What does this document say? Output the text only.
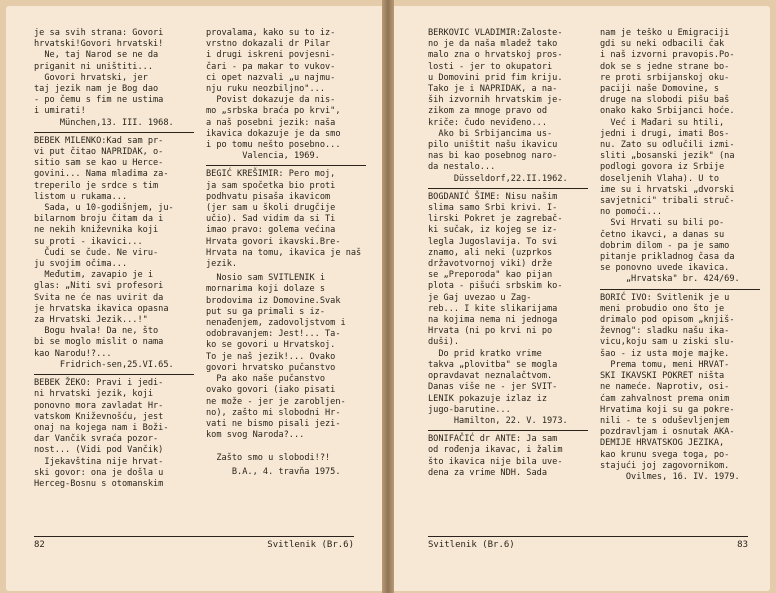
je sa svih strana: Govori
hrvatski!Govori hrvatski!
Ne, taj Narod se ne da
priganit ni uništiti...
Govori hrvatski, jer
taj jezik nam je Bog dao
- po čemu s fim ne ustima
i umirati!
München,13. III. 1968.

BEBEK MILENKO:Kad sam pr-
vi put čitao NAPRIDAK, o-
sitio sam se kao u Herce-
govini... Nama mladima za-
treperilo je srdce s tim
listom u rukama...
Sada, u 10-godišnjem, ju-
bilarnom broju čitam da i
ne nekih kniževnika koji
su proti - ikavici...
Čudi se čude. Ne viru-
ju svojim očima...
Međutim, zavapio je i
glas: „Niti svi profesori
Svita ne će nas uvirit da
je hrvatska ikavica opasna
za Hrvatski Jezik...!"
Bogu hvala! Da ne, što
bi se moglo mislit o nama
kao Narodu!?...
Fridrich-sen,25.VI.65.

BEBEK ŽEKO: Pravi i jedi-
ni hrvatski jezik, koji
ponovno mora zavladat Hr-
vatskom Kniževnošću, jest
onaj na kojega nam i Boži-
dar Vančik svraća pozor-
nost... (Vidi pod Vančik)
Ijekavština nije hrvat-
ski govor: ona je došla u
Herceg-Bosnu s otomanskim

provalama, kako su to iz-
vrstno dokazali dr Pilar
i drugi iskreni povjesni-
čari - pa makar to vukov-
ci opet nazvali „u najmu-
nju ruku neozbiljno"...
Povist dokazuje da nis-
mo „srbska braća po krvi",
a naš posebni jezik: naša
ikavica dokazuje je da smo
i po tomu nešto posebno...
Valencia, 1969.

BEGIĆ KREŠIMIR: Pero moj,
ja sam spočetka bio proti
podhvatu pisaša ikavicom
(jer sam u školi drugčije
učio). Sad vidim da si Ti
imao pravo: golema većina
Hrvata govori ikavski.Bre-
Hrvata na tomu, ikavica je naš
jezik.

Nosio sam SVITLENIK i
mornarima koji dolaze s
brodovima iz Domovine.Svak
put su ga primali s iz-
nenađenjem, zadovoljstvom i
odobravanjem: Jest!... Ta-
ko se govori u Hrvatskoj.
To je naš jezik!... Ovako
govori hrvatsko pučanstvo
Pa ako naše pučanstvo
ovako govori (iako pisati
ne može - jer je zarobljen-
no), zašto mi slobodni Hr-
vati ne bismo pisali jezi-
kom svog Naroda?...

Zašto smo u slobodi!?!

B.A., 4. travňa 1975.

82	Svitlenik (Br.6)

BERKOVIĆ VLADIMIR:Žaloste-
no je da naša mladež tako
malo zna o hrvatskoj pros-
losti - jer to okupatori
u Domovini prid fim kriju.
Tako je i NAPRIDAK, a na-
ših izvornih hrvatskim je-
zikom za mnoge pravo od
kriče: čudo neviđeno...
Ako bi Srbijancima us-
pilo uništit našu ikavicu
nas bi kao posebnog naro-
da nestalo...
Düsseldorf,22.II.1962.

BOGDANIĆ ŠIME: Nisu našim
slima samo Srbi krivi. I-
lirski Pokret je zagrebač-
ki sučak, iz kojeg se iz-
legla Jugoslavija. To svi
znamo, ali neki (uzprkos
državotvornoj viki) drže
se „Preporoda" kao pijan
plota - pišući srbskim ko-
je Gaj uvezao u Zag-
reb... I kite slikarijama
na kojima nema ni jednoga
Hrvata (ni po krvi ni po
duši).
Do prid kratko vrime
takva „plovitba" se mogla
opravdavat neznalačtvom.
Danas više ne - jer SVIT-
LENIK pokazuje izlaz iz
jugo-barutine...
Hamilton, 22. V. 1973.

BONIFAČIĆ dr ANTE: Ja sam
od rođenja ikavac, i žalim
što ikavica nije bila uve-
dena za vrime NDH. Sada

nam je teško u Emigraciji
gdi su neki odbacili čak
i naš izvorni pravopis.Po-
dok se s jedne strane bo-
re proti srbijanskoj oku-
paciji naše Domovine, s
druge na slobodi pišu baš
onako kako Srbijanci hoće.
Već i Mađari su htili,
jedni i drugi, imati Bos-
nu. Zato su odlučili izmi-
sliti „bosanski jezik" (na
podlogi govora iz Srbije
doseljenih Vlaha). U to
ime su i hrvatski „dvorski
savjetnici" tribali struč-
no pomoći...
Svi Hrvati su bili po-
četno ikavci, a danas su
dobrim dilom - pa je samo
pitanje prikladnog časa da
se ponovno uvede ikavica.
„Hrvatska" br. 424/69.

BORIĆ IVO: Svitlenik je u
meni probudio ono što je
drimalo pod opisom „knjiš-
ževnog": sladku našu ika-
vicu,koju sam u ziski slu-
šao - iz usta moje majke.
Prema tomu, meni HRVAT-
SKI IKAVSKI POKRET ništa
ne nameće. Naprotiv, osi-
ćam zahvalnost prema onim
Hrvatima koji su ga pokre-
nili - te s oduševljenjem
pozdravljam i osnutak AKA-
DEMIJE HRVATSKOG JEZIKA,
kao krunu svega toga, po-
stajući joj zagovornikom.
Ovilmes, 16. IV. 1979.

Svitlenik (Br.6)	83
